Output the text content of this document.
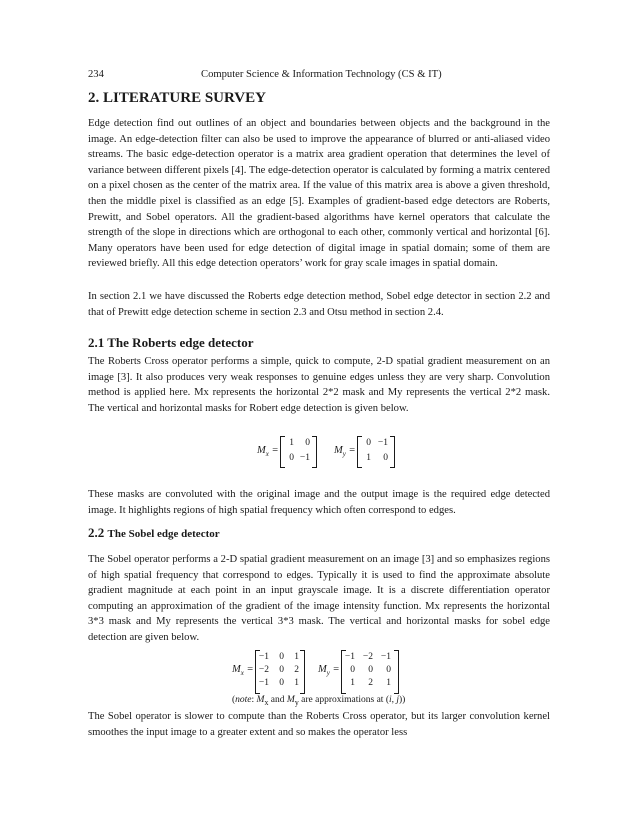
234	Computer Science & Information Technology (CS & IT)
2. LITERATURE SURVEY

Edge detection find out outlines of an object and boundaries between objects and the background in the image. An edge-detection filter can also be used to improve the appearance of blurred or anti-aliased video streams. The basic edge-detection operator is a matrix area gradient operation that determines the level of variance between different pixels [4]. The edge-detection operator is calculated by forming a matrix centered on a pixel chosen as the center of the matrix area. If the value of this matrix area is above a given threshold, then the middle pixel is classified as an edge [5]. Examples of gradient-based edge detectors are Roberts, Prewitt, and Sobel operators. All the gradient-based algorithms have kernel operators that calculate the strength of the slope in directions which are orthogonal to each other, commonly vertical and horizontal [6]. Many operators have been used for edge detection of digital image in spatial domain; some of them are reviewed briefly. All this edge detection operators’ work for gray scale images in spatial domain.

In section 2.1 we have discussed the Roberts edge detection method, Sobel edge detector in section 2.2 and that of Prewitt edge detection scheme in section 2.3 and Otsu method in section 2.4.

2.1 The Roberts edge detector

The Roberts Cross operator performs a simple, quick to compute, 2-D spatial gradient measurement on an image [3]. It also produces very weak responses to genuine edges unless they are very sharp. Convolution method is applied here. Mx represents the horizontal 2*2 mask and My represents the vertical 2*2 mask. The vertical and horizontal masks for Robert edge detection is given below.

$M_x$ =
1	0
0 −1
$M_y$ =
0 −1
1	0

These masks are convoluted with the original image and the output image is the required edge detected image. It highlights regions of high spatial frequency which often correspond to edges.

2.2 The Sobel edge detector

The Sobel operator performs a 2-D spatial gradient measurement on an image [3] and so emphasizes regions of high spatial frequency that correspond to edges. Typically it is used to find the approximate absolute gradient magnitude at each point in an input grayscale image. It is a discrete differentiation operator computing an approximation of the gradient of the image intensity function. Mx represents the horizontal 3*3 mask and My represents the vertical 3*3 mask. The vertical and horizontal masks for sobel edge detection are given below.

$M_x$ =
−1	0	1
−2	0	2
−1	0	1
$M_y$ =
−1 −2 −1
0	0	0
1	2	1
(note: $M_x$ and $M_y$ are approximations at (i, j))

The Sobel operator is slower to compute than the Roberts Cross operator, but its larger convolution kernel smoothes the input image to a greater extent and so makes the operator less
